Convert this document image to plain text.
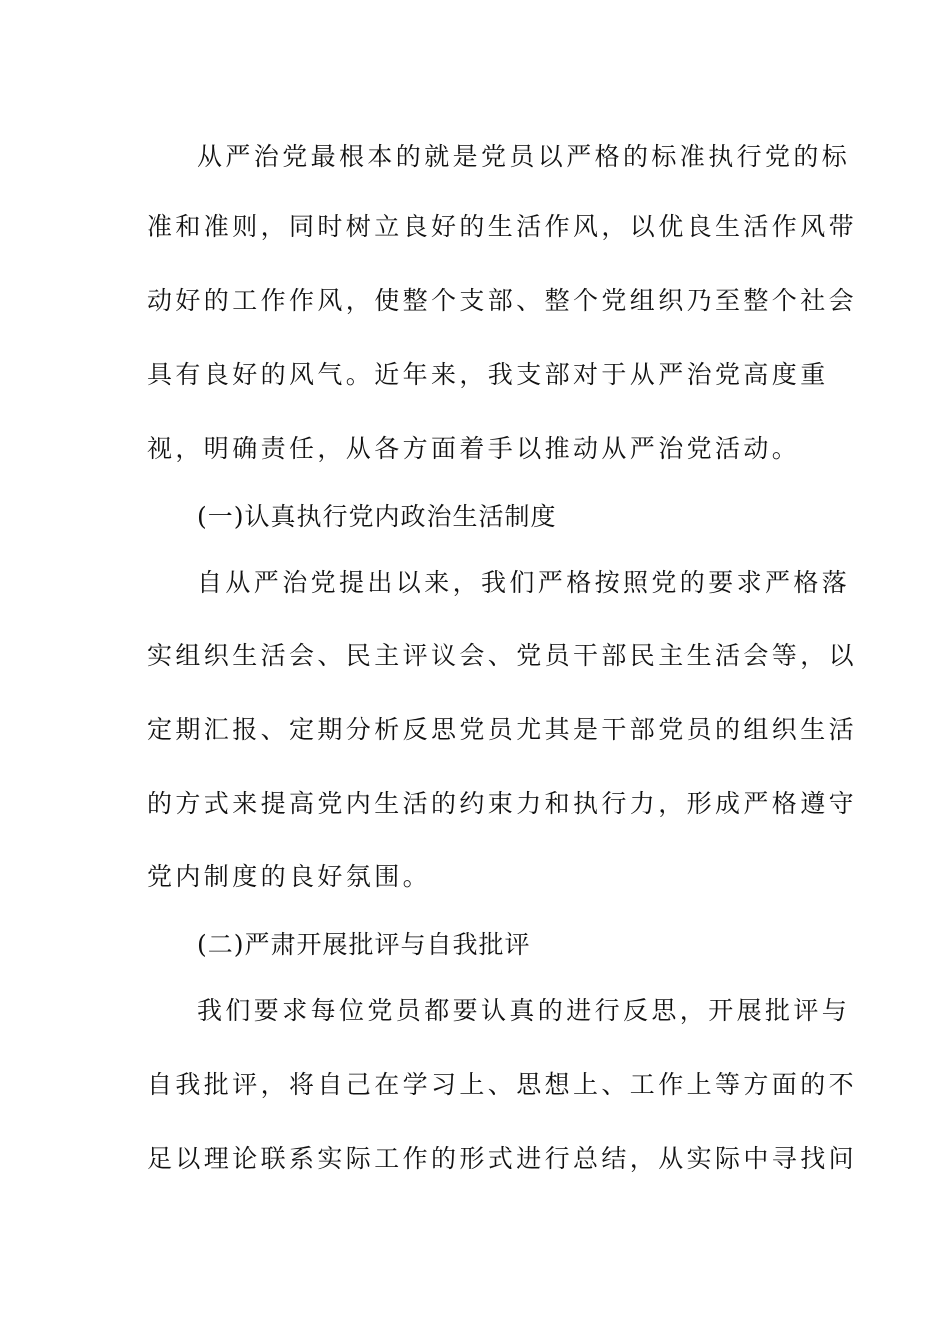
从严治党最根本的就是党员以严格的标准执行党的标
准和准则，同时树立良好的生活作风，以优良生活作风带
动好的工作作风，使整个支部、整个党组织乃至整个社会
具有良好的风气。近年来，我支部对于从严治党高度重
视，明确责任，从各方面着手以推动从严治党活动。
(一)认真执行党内政治生活制度
自从严治党提出以来，我们严格按照党的要求严格落
实组织生活会、民主评议会、党员干部民主生活会等，以
定期汇报、定期分析反思党员尤其是干部党员的组织生活
的方式来提高党内生活的约束力和执行力，形成严格遵守
党内制度的良好氛围。
(二)严肃开展批评与自我批评
我们要求每位党员都要认真的进行反思，开展批评与
自我批评，将自己在学习上、思想上、工作上等方面的不
足以理论联系实际工作的形式进行总结，从实际中寻找问
